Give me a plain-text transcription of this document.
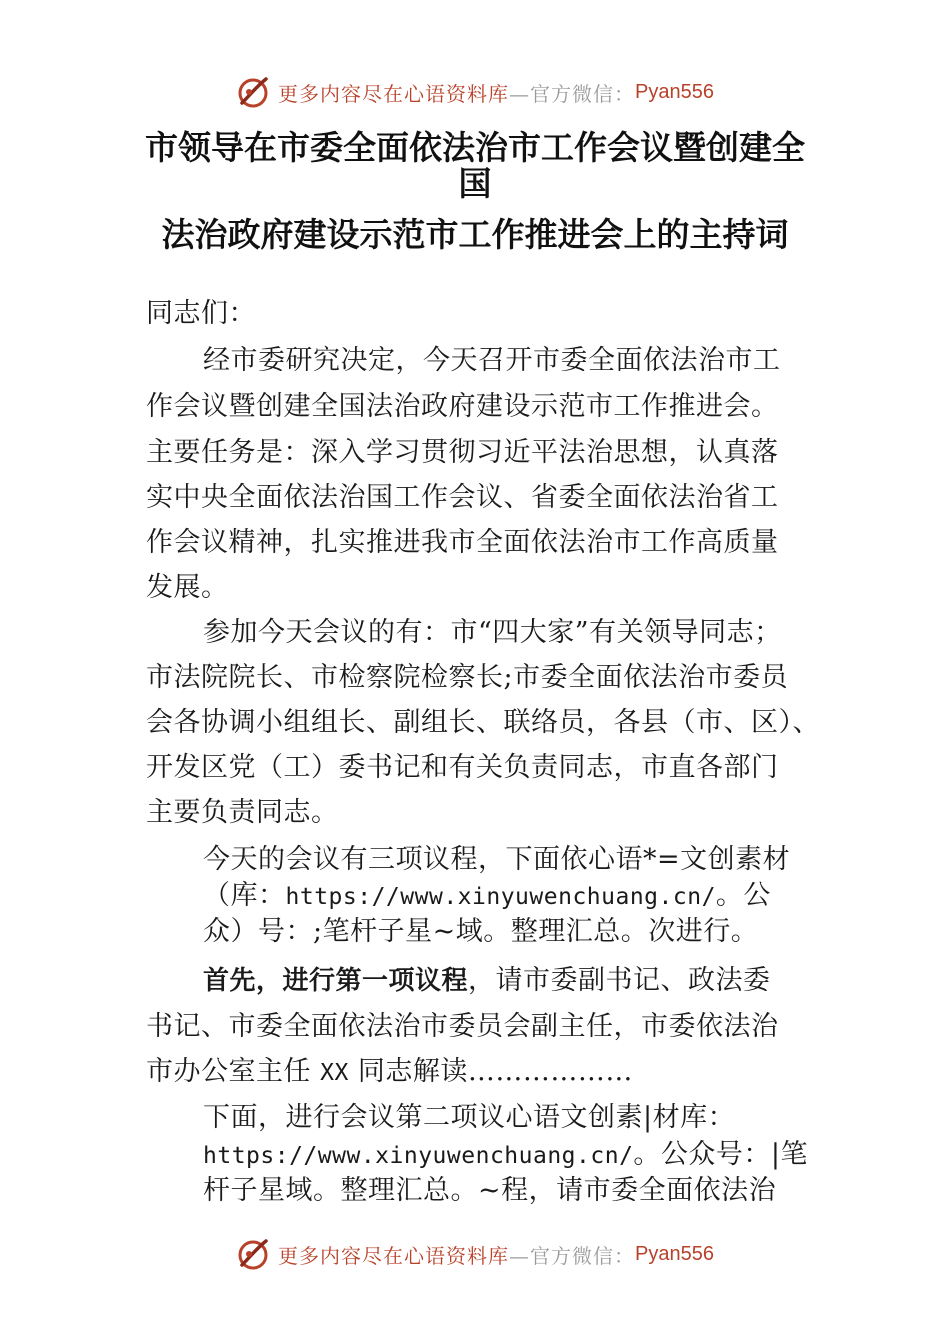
更多内容尽在心语资料库 —官方微信： Pyan556
市领导在市委全面依法治市工作会议暨创建全
国
法治政府建设示范市工作推进会上的主持词
同志们：
经市委研究决定，今天召开市委全面依法治市工
作会议暨创建全国法治政府建设示范市工作推进会。
主要任务是：深入学习贯彻习近平法治思想，认真落
实中央全面依法治国工作会议、省委全面依法治省工
作会议精神，扎实推进我市全面依法治市工作高质量
发展。
参加今天会议的有：市“四大家”有关领导同志；
市法院院长、市检察院检察长;市委全面依法治市委员
会各协调小组组长、副组长、联络员，各县（市、区）、
开发区党（工）委书记和有关负责同志，市直各部门
主要负责同志。
今天的会议有三项议程，下面依心语*=文创素材
（库：https://www.xinyuwenchuang.cn/。公
众）号：;笔杆子星~域。整理汇总。次进行。
首先，进行第一项议程，请市委副书记、政法委
书记、市委全面依法治市委员会副主任，市委依法治
市办公室主任 XX 同志解读………………
下面，进行会议第二项议心语文创素|材库：
https://www.xinyuwenchuang.cn/。公众号：|笔
杆子星域。整理汇总。~程，请市委全面依法治
更多内容尽在心语资料库 —官方微信： Pyan556
